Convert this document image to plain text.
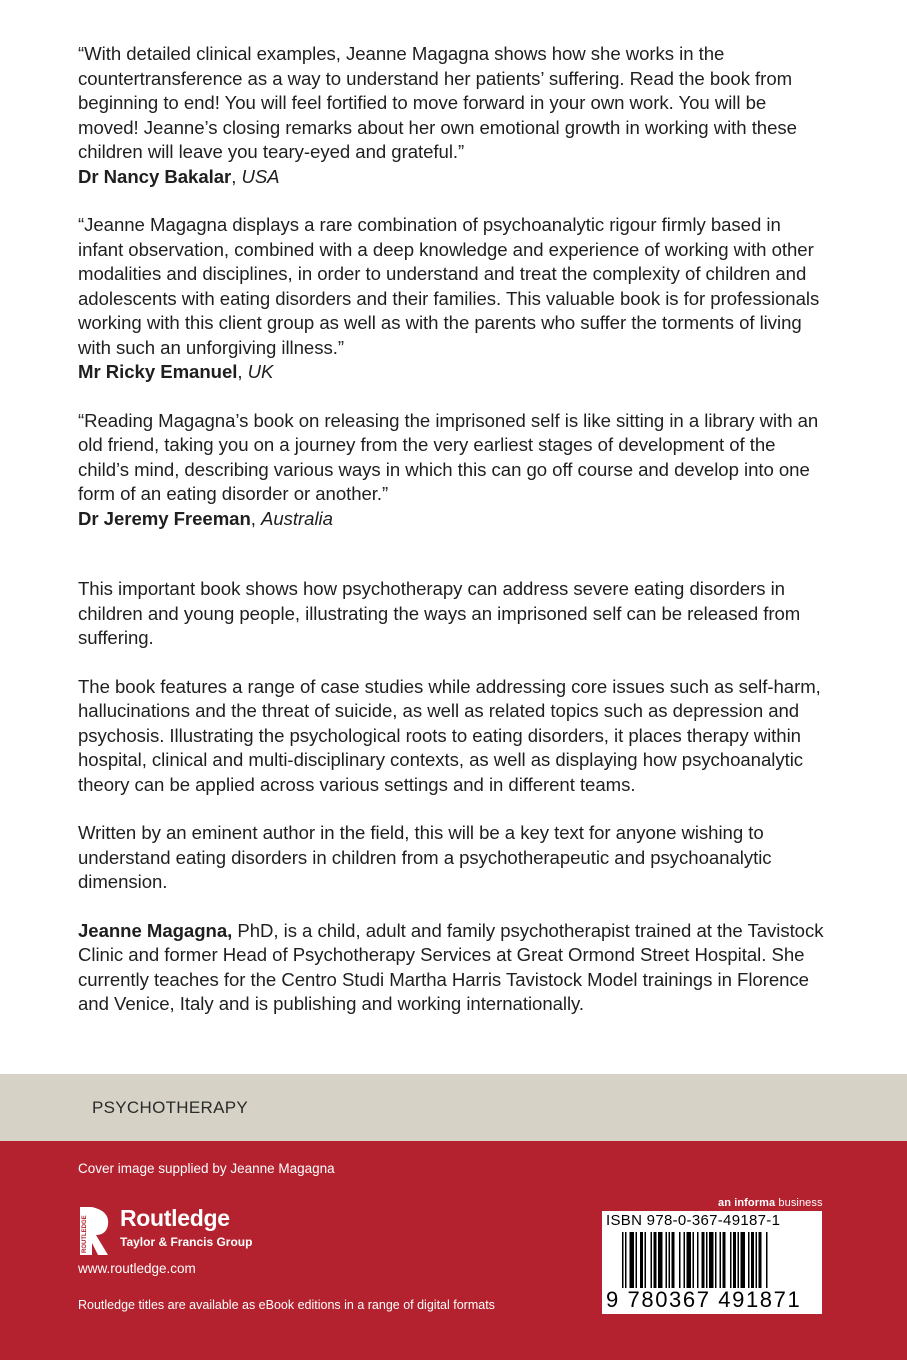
“With detailed clinical examples, Jeanne Magagna shows how she works in the countertransference as a way to understand her patients’ suffering. Read the book from beginning to end! You will feel fortified to move forward in your own work. You will be moved! Jeanne’s closing remarks about her own emotional growth in working with these children will leave you teary-eyed and grateful.”
Dr Nancy Bakalar, USA

“Jeanne Magagna displays a rare combination of psychoanalytic rigour firmly based in infant observation, combined with a deep knowledge and experience of working with other modalities and disciplines, in order to understand and treat the complexity of children and adolescents with eating disorders and their families. This valuable book is for professionals working with this client group as well as with the parents who suffer the torments of living with such an unforgiving illness.”
Mr Ricky Emanuel, UK

“Reading Magagna’s book on releasing the imprisoned self is like sitting in a library with an old friend, taking you on a journey from the very earliest stages of development of the child’s mind, describing various ways in which this can go off course and develop into one form of an eating disorder or another.”
Dr Jeremy Freeman, Australia

This important book shows how psychotherapy can address severe eating disorders in children and young people, illustrating the ways an imprisoned self can be released from suffering.

The book features a range of case studies while addressing core issues such as self-harm, hallucinations and the threat of suicide, as well as related topics such as depression and psychosis. Illustrating the psychological roots to eating disorders, it places therapy within hospital, clinical and multi-disciplinary contexts, as well as displaying how psychoanalytic theory can be applied across various settings and in different teams.

Written by an eminent author in the field, this will be a key text for anyone wishing to understand eating disorders in children from a psychotherapeutic and psychoanalytic dimension.

Jeanne Magagna, PhD, is a child, adult and family psychotherapist trained at the Tavistock Clinic and former Head of Psychotherapy Services at Great Ormond Street Hospital. She currently teaches for the Centro Studi Martha Harris Tavistock Model trainings in Florence and Venice, Italy and is publishing and working internationally.

PSYCHOTHERAPY
Cover image supplied by Jeanne Magagna
ROUTLEDGE Routledge
Taylor & Francis Group
www.routledge.com
Routledge titles are available as eBook editions in a range of digital formats
an informa business
ISBN 978-0-367-49187-1
9 780367 491871
